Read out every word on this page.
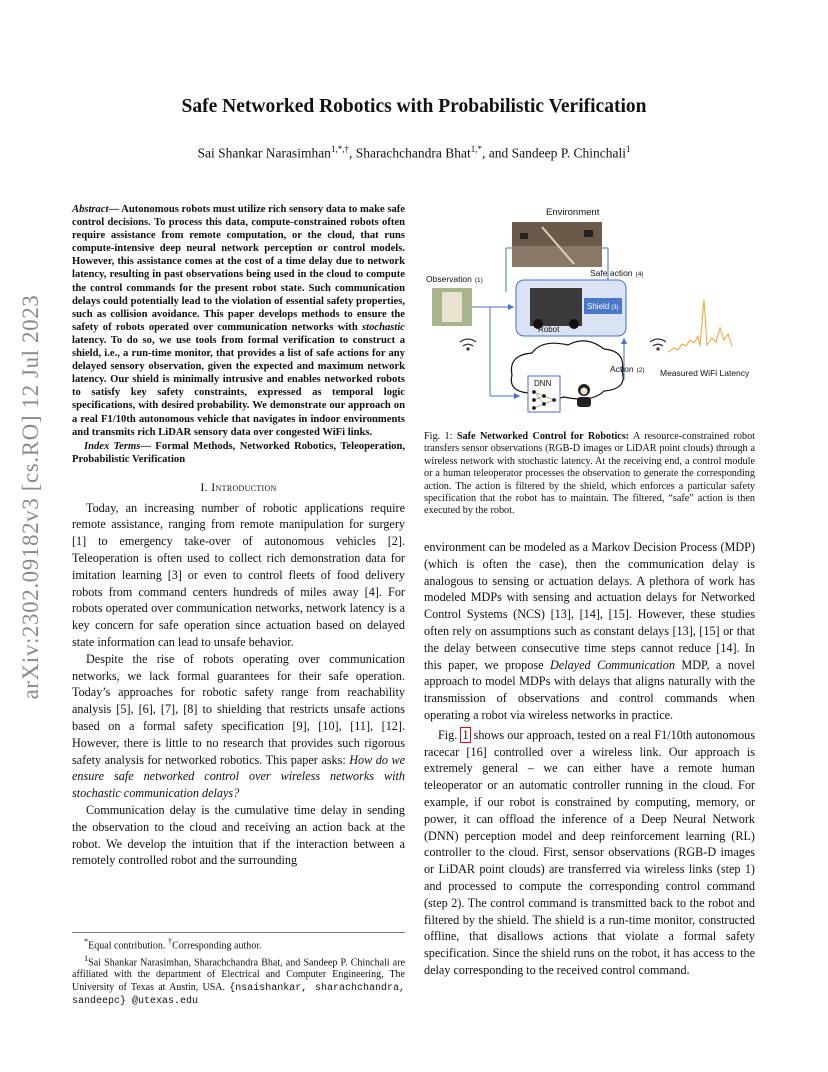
arXiv:2302.09182v3 [cs.RO] 12 Jul 2023
Safe Networked Robotics with Probabilistic Verification
Sai Shankar Narasimhan$^{1,*,\dagger}$, Sharachchandra Bhat$^{1,*}$, and Sandeep P. Chinchali$^1$
Abstract— Autonomous robots must utilize rich sensory data to make safe control decisions. To process this data, compute-constrained robots often require assistance from remote computation, or the cloud, that runs compute-intensive deep neural network perception or control models. However, this assistance comes at the cost of a time delay due to network latency, resulting in past observations being used in the cloud to compute the control commands for the present robot state. Such communication delays could potentially lead to the violation of essential safety properties, such as collision avoidance. This paper develops methods to ensure the safety of robots operated over communication networks with stochastic latency. To do so, we use tools from formal verification to construct a shield, i.e., a run-time monitor, that provides a list of safe actions for any delayed sensory observation, given the expected and maximum network latency. Our shield is minimally intrusive and enables networked robots to satisfy key safety constraints, expressed as temporal logic specifications, with desired probability. We demonstrate our approach on a real F1/10th autonomous vehicle that navigates in indoor environments and transmits rich LiDAR sensory data over congested WiFi links.
Index Terms— Formal Methods, Networked Robotics, Teleoperation, Probabilistic Verification
I. Introduction

Today, an increasing number of robotic applications require remote assistance, ranging from remote manipulation for surgery [1] to emergency take-over of autonomous vehicles [2]. Teleoperation is often used to collect rich demonstration data for imitation learning [3] or even to control fleets of food delivery robots from command centers hundreds of miles away [4]. For robots operated over communication networks, network latency is a key concern for safe operation since actuation based on delayed state information can lead to unsafe behavior.

Despite the rise of robots operating over communication networks, we lack formal guarantees for their safe operation. Today’s approaches for robotic safety range from reachability analysis [5], [6], [7], [8] to shielding that restricts unsafe actions based on a formal safety specification [9], [10], [11], [12]. However, there is little to no research that provides such rigorous safety analysis for networked robotics. This paper asks: How do we ensure safe networked control over wireless networks with stochastic communication delays?

Communication delay is the cumulative time delay in sending the observation to the cloud and receiving an action back at the robot. We develop the intuition that if the interaction between a remotely controlled robot and the surrounding

*Equal contribution. †Corresponding author.

$^1$Sai Shankar Narasimhan, Sharachchandra Bhat, and Sandeep P. Chinchali are affiliated with the department of Electrical and Computer Engineering, The University of Texas at Austin, USA. {nsaishankar, sharachchandra, sandeepc} @utexas.edu

Environment
Safe action (4)
Observation (1)
Shield (3)
Robot
Measured WiFi Latency
DNN
Action (2)
Fig. 1: Safe Networked Control for Robotics: A resource-constrained robot transfers sensor observations (RGB-D images or LiDAR point clouds) through a wireless network with stochastic latency. At the receiving end, a control module or a human teleoperator processes the observation to generate the corresponding action. The action is filtered by the shield, which enforces a particular safety specification that the robot has to maintain. The filtered, “safe” action is then executed by the robot.

environment can be modeled as a Markov Decision Process (MDP) (which is often the case), then the communication delay is analogous to sensing or actuation delays. A plethora of work has modeled MDPs with sensing and actuation delays for Networked Control Systems (NCS) [13], [14], [15]. However, these studies often rely on assumptions such as constant delays [13], [15] or that the delay between consecutive time steps cannot reduce [14]. In this paper, we propose Delayed Communication MDP, a novel approach to model MDPs with delays that aligns naturally with the transmission of observations and control commands when operating a robot via wireless networks in practice.

Fig. 1 shows our approach, tested on a real F1/10th autonomous racecar [16] controlled over a wireless link. Our approach is extremely general – we can either have a remote human teleoperator or an automatic controller running in the cloud. For example, if our robot is constrained by computing, memory, or power, it can offload the inference of a Deep Neural Network (DNN) perception model and deep reinforcement learning (RL) controller to the cloud. First, sensor observations (RGB-D images or LiDAR point clouds) are transferred via wireless links (step 1) and processed to compute the corresponding control command (step 2). The control command is transmitted back to the robot and filtered by the shield. The shield is a run-time monitor, constructed offline, that disallows actions that violate a formal safety specification. Since the shield runs on the robot, it has access to the delay corresponding to the received control command.
